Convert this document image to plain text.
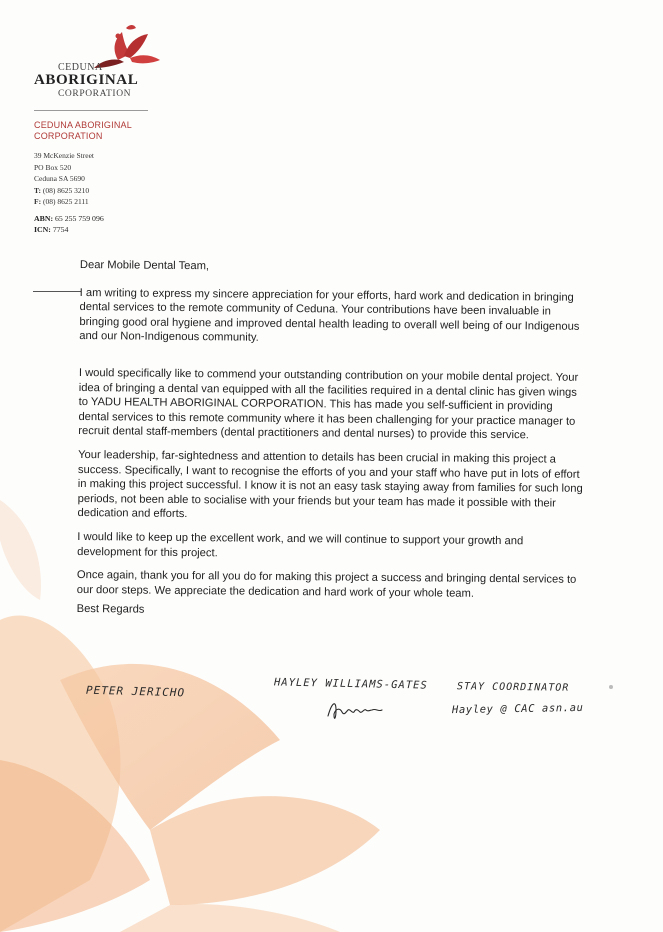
CEDUNA
ABORIGINAL
CORPORATION
CEDUNA ABORIGINAL
CORPORATION
39 McKenzie Street
PO Box 520
Ceduna SA 5690
T: (08) 8625 3210
F: (08) 8625 2111
ABN: 65 255 759 096
ICN: 7754

Dear Mobile Dental Team,

I am writing to express my sincere appreciation for your efforts, hard work and dedication in bringing dental services to the remote community of Ceduna. Your contributions have been invaluable in bringing good oral hygiene and improved dental health leading to overall well being of our Indigenous and our Non-Indigenous community.

I would specifically like to commend your outstanding contribution on your mobile dental project. Your idea of bringing a dental van equipped with all the facilities required in a dental clinic has given wings to YADU HEALTH ABORIGINAL CORPORATION. This has made you self-sufficient in providing dental services to this remote community where it has been challenging for your practice manager to recruit dental staff-members (dental practitioners and dental nurses) to provide this service.

Your leadership, far-sightedness and attention to details has been crucial in making this project a success. Specifically, I want to recognise the efforts of you and your staff who have put in lots of effort in making this project successful. I know it is not an easy task staying away from families for such long periods, not been able to socialise with your friends but your team has made it possible with their dedication and efforts.

I would like to keep up the excellent work, and we will continue to support your growth and development for this project.

Once again, thank you for all you do for making this project a success and bringing dental services to our door steps. We appreciate the dedication and hard work of your whole team.

Best Regards

PETER JERICHO	HAYLEY WILLIAMS-GATES	STAY COORDINATOR
Hayley @ CAC asn.au
